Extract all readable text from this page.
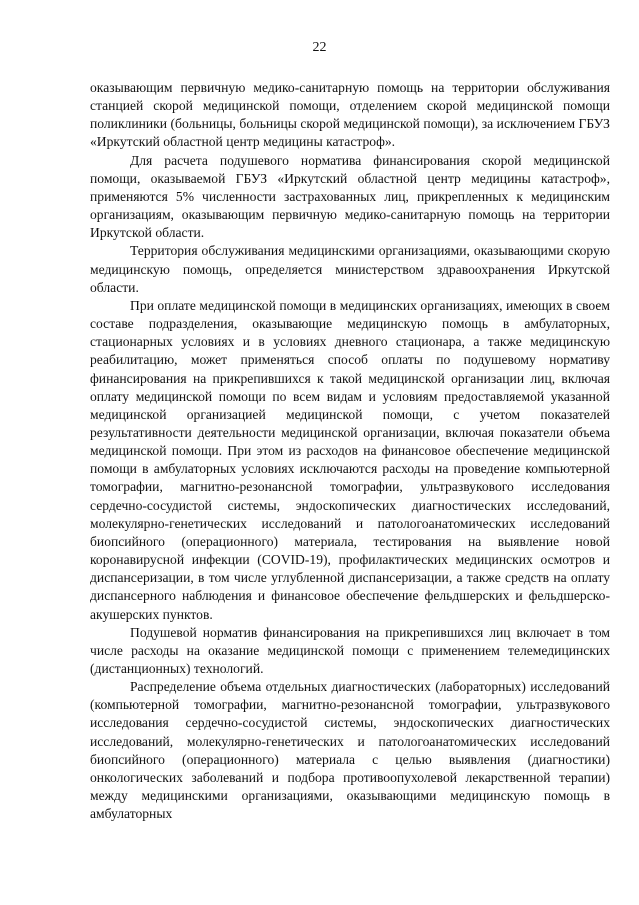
22

оказывающим первичную медико-санитарную помощь на территории обслуживания станцией скорой медицинской помощи, отделением скорой медицинской помощи поликлиники (больницы, больницы скорой медицинской помощи), за исключением ГБУЗ «Иркутский областной центр медицины катастроф».

Для расчета подушевого норматива финансирования скорой медицинской помощи, оказываемой ГБУЗ «Иркутский областной центр медицины катастроф», применяются 5% численности застрахованных лиц, прикрепленных к медицинским организациям, оказывающим первичную медико-санитарную помощь на территории Иркутской области.

Территория обслуживания медицинскими организациями, оказывающими скорую медицинскую помощь, определяется министерством здравоохранения Иркутской области.

При оплате медицинской помощи в медицинских организациях, имеющих в своем составе подразделения, оказывающие медицинскую помощь в амбулаторных, стационарных условиях и в условиях дневного стационара, а также медицинскую реабилитацию, может применяться способ оплаты по подушевому нормативу финансирования на прикрепившихся к такой медицинской организации лиц, включая оплату медицинской помощи по всем видам и условиям предоставляемой указанной медицинской организацией медицинской помощи, с учетом показателей результативности деятельности медицинской организации, включая показатели объема медицинской помощи. При этом из расходов на финансовое обеспечение медицинской помощи в амбулаторных условиях исключаются расходы на проведение компьютерной томографии, магнитно-резонансной томографии, ультразвукового исследования сердечно-сосудистой системы, эндоскопических диагностических исследований, молекулярно-генетических исследований и патологоанатомических исследований биопсийного (операционного) материала, тестирования на выявление новой коронавирусной инфекции (COVID-19), профилактических медицинских осмотров и диспансеризации, в том числе углубленной диспансеризации, а также средств на оплату диспансерного наблюдения и финансовое обеспечение фельдшерских и фельдшерско-акушерских пунктов.

Подушевой норматив финансирования на прикрепившихся лиц включает в том числе расходы на оказание медицинской помощи с применением телемедицинских (дистанционных) технологий.

Распределение объема отдельных диагностических (лабораторных) исследований (компьютерной томографии, магнитно-резонансной томографии, ультразвукового исследования сердечно-сосудистой системы, эндоскопических диагностических исследований, молекулярно-генетических и патологоанатомических исследований биопсийного (операционного) материала с целью выявления (диагностики) онкологических заболеваний и подбора противоопухолевой лекарственной терапии) между медицинскими организациями, оказывающими медицинскую помощь в амбулаторных
